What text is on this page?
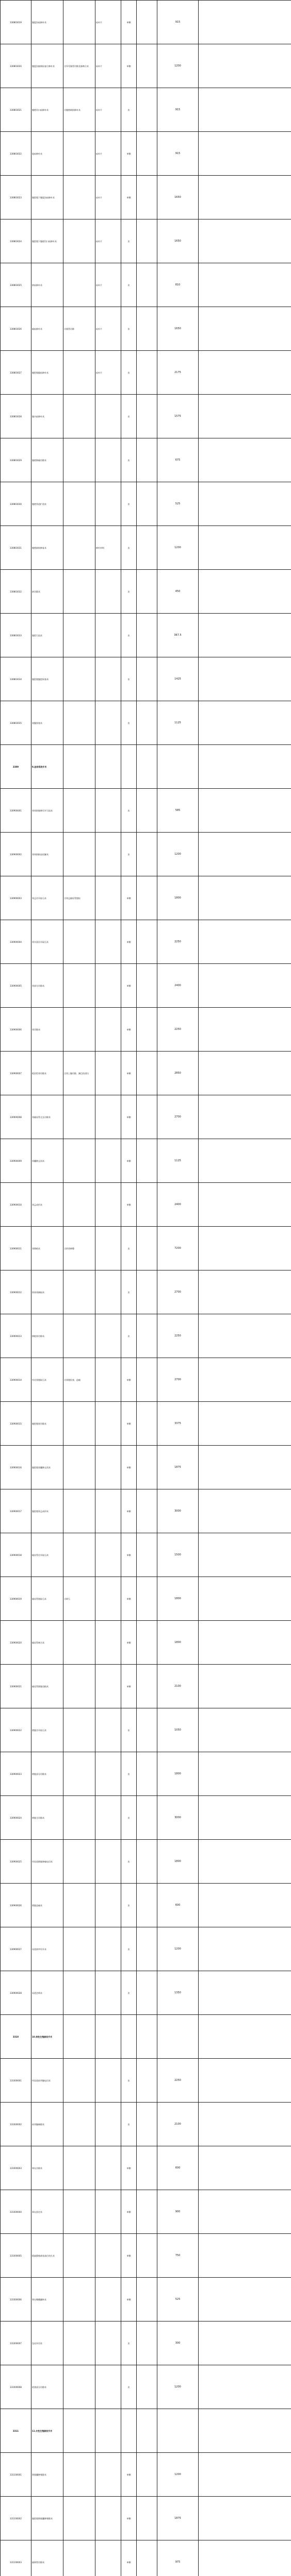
330803019	腹股沟疝修补术		疝补片	单侧		915	
330803020	腹股沟嵌顿疝复位修补术	含坏死肠管切除及肠吻合术	疝补片	单侧		1200	
330803021	腹壁切口疝修补术	含腹壁缺损修补术	疝补片	次		915	
330803022	股疝修补术		疝补片	单侧		915	
330803023	腹腔镜下腹股沟疝修补术		疝补片	单侧		1650	
330803024	腹腔镜下腹壁切口疝修补术		疝补片	次		1650	
330803025	脐疝修补术		疝补片	次		810	
330803026	膈疝修补术	含肠管切除	疝补片	次		1650	
330803027	腹腔镜膈疝修补术		疝补片	次		2175	
330803028	腹内疝修补术			次		1575	
330803029	腹壁肿瘤切除术			次		675	
330803030	腹壁窦道扩创术			次		525	
330803031	腹壁缺损修复术		修补材料	次		1200	
330803032	脐切除术			次		450	
330803033	腹腔引流术			次		367.5	
330803034	腹腔镜腹腔探查术			次		1425	
330803035	剖腹探查术			次		1125	
3309	9.泌尿系统手术						
330900001	肾周围脓肿切开引流术			次		585	
330900002	肾周围粘连松解术			次		1200	
330900003	肾盂切开取石术	含肾盂输尿管镜检		单侧		1800	
330900004	肾实质切开取石术			单侧		2250	
330900005	肾部分切除术			单侧		2400	
330900006	肾切除术			单侧		2250	
330900007	根治性肾切除术	含肾上腺切除、淋巴结清扫		单侧		2850	
330900008	肾输尿管全长切除术			单侧		2700	
330900009	肾囊肿去顶术			单侧		1125	
330900010	肾盂成形术			单侧		2400	
330900011	肾移植术	含供肾修整		次		7200	
330900012	供体肾摘取术			次		2700	
330900013	移植肾切除术			次		2250	
330900014	经皮肾镜取石术	含肾镜检查、造瘘		单侧		2700	
330900015	腹腔镜肾切除术			单侧		3375	
330900016	腹腔镜肾囊肿去顶术			单侧		1875	
330900017	腹腔镜肾盂成形术			单侧		3000	
330900018	输尿管切开取石术			单侧		1500	
330900019	输尿管镜取石术	含碎石		单侧		1800	
330900020	输尿管吻合术			单侧		1800	
330900021	输尿管膀胱再植术			单侧		2100	
330900022	膀胱切开取石术			次		1050	
330900023	膀胱部分切除术			次		1800	
330900024	膀胱全切除术			次		3000	
330900025	经尿道膀胱肿瘤电切术			次		1800	
330900026	膀胱造瘘术			次		600	
330900027	尿道狭窄切开术			次		1200	
330900028	尿道会师术			次		1350	
3310	10.男性生殖器官手术						
331000001	经尿道前列腺电切术			次		2250	
331000002	前列腺摘除术			次		2100	
331000003	睾丸切除术			单侧		600	
331000004	睾丸固定术			单侧		900	
331000005	精索静脉曲张高位结扎术			单侧		750	
331000006	睾丸鞘膜翻转术			单侧		525	
331000007	包皮环切术			次		300	
331000008	阴茎部分切除术			次		1200	
3311	11.女性生殖器官手术						
331100001	卵巢囊肿剔除术			单侧		1200	
331100002	腹腔镜卵巢囊肿剔除术			单侧		1875	
331100003	输卵管切除术			单侧		975	
